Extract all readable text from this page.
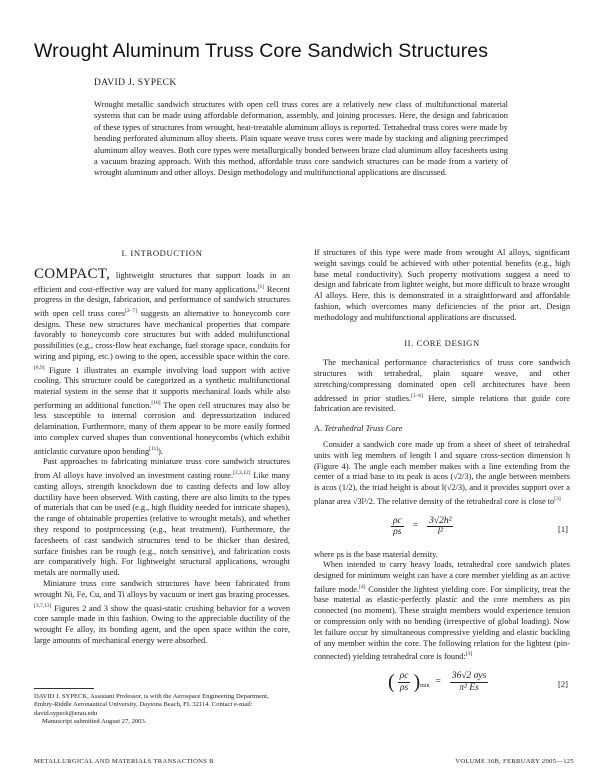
Wrought Aluminum Truss Core Sandwich Structures
DAVID J. SYPECK

Wrought metallic sandwich structures with open cell truss cores are a relatively new class of multifunctional material systems that can be made using affordable deformation, assembly, and joining processes. Here, the design and fabrication of these types of structures from wrought, heat-treatable aluminum alloys is reported. Tetrahedral truss cores were made by bending perforated aluminum alloy sheets. Plain square weave truss cores were made by stacking and aligning precrimped aluminum alloy weaves. Both core types were metallurgically bonded between braze clad aluminum alloy facesheets using a vacuum brazing approach. With this method, affordable truss core sandwich structures can be made from a variety of wrought aluminum and other alloys. Design methodology and multifunctional applications are discussed.

I. INTRODUCTION

COMPACT, lightweight structures that support loads in an efficient and cost-effective way are valued for many applications.[1] Recent progress in the design, fabrication, and performance of sandwich structures with open cell truss cores[2–7] suggests an alternative to honeycomb core designs. These new structures have mechanical properties that compare favorably to honeycomb core structures but with added multifunctional possibilities (e.g., cross-flow heat exchange, fuel storage space, conduits for wiring and piping, etc.) owing to the open, accessible space within the core.[8,9] Figure 1 illustrates an example involving load support with active cooling. This structure could be categorized as a synthetic multifunctional material system in the sense that it supports mechanical loads while also performing an additional function.[10] The open cell structures may also be less susceptible to internal corrosion and depressurization induced delamination. Furthermore, many of them appear to be more easily formed into complex curved shapes than conventional honeycombs (which exhibit anticlastic curvature upon bending[11]).

Past approaches to fabricating miniature truss core sandwich structures from Al alloys have involved an investment casting route.[2,3,12] Like many casting alloys, strength knockdown due to casting defects and low alloy ductility have been observed. With casting, there are also limits to the types of materials that can be used (e.g., high fluidity needed for intricate shapes), the range of obtainable properties (relative to wrought metals), and whether they respond to postprocessing (e.g., heat treatment). Furthermore, the facesheets of cast sandwich structures tend to be thicker than desired, surface finishes can be rough (e.g., notch sensitive), and fabrication costs are comparatively high. For lightweight structural applications, wrought metals are normally used.

Miniature truss core sandwich structures have been fabricated from wrought Ni, Fe, Cu, and Ti alloys by vacuum or inert gas brazing processes.[3,7,13] Figures 2 and 3 show the quasi-static crushing behavior for a woven core sample made in this fashion. Owing to the appreciable ductility of the wrought Fe alloy, its bonding agent, and the open space within the core, large amounts of mechanical energy were absorbed.

If structures of this type were made from wrought Al alloys, significant weight savings could be achieved with other potential benefits (e.g., high base metal conductivity). Such property motivations suggest a need to design and fabricate from lighter weight, but more difficult to braze wrought Al alloys. Here, this is demonstrated in a straightforward and affordable fashion, which overcomes many deficiencies of the prior art. Design methodology and multifunctional applications are discussed.

II. CORE DESIGN

The mechanical performance characteristics of truss core sandwich structures with tetrahedral, plain square weave, and other stretching/compressing dominated open cell architectures have been addressed in prior studies.[1–6] Here, simple relations that guide core fabrication are revisited.

A. Tetrahedral Truss Core

Consider a sandwich core made up from a sheet of sheet of tetrahedral units with leg members of length l and square cross-section dimension h (Figure 4). The angle each member makes with a line extending from the center of a triad base to its peak is acos (√2/3), the angle between members is acos (1/2), the triad height is about l(√2/3), and it provides support over a planar area √3l²/2. The relative density of the tetrahedral core is close to[3]

$\frac{\rho c}{\rho s} = \frac{\text{3√2h²}}{\text{l²}}$	[1]

where ρs is the base material density.

When intended to carry heavy loads, tetrahedral core sandwich plates designed for minimum weight can have a core member yielding as an active failure mode.[4] Consider the lightest yielding core. For simplicity, treat the base material as elastic-perfectly plastic and the core members as pin connected (no moment). These straight members would experience tension or compression only with no bending (irrespective of global loading). Now let failure occur by simultaneous compressive yielding and elastic buckling of any member within the core. The following relation for the lightest (pin-connected) yielding tetrahedral core is found:[3]

( ρc
ρs ) min =
36√2 σys
π² Es	[2]

DAVID J. SYPECK, Assistant Professor, is with the Aerospace Engineering Department, Embry-Riddle Aeronautical University, Daytona Beach, FL 32114. Contact e-mail: david.sypeck@erau.edu
Manuscript submitted August 27, 2003.

METALLURGICAL AND MATERIALS TRANSACTIONS B	VOLUME 36B, FEBRUARY 2005—125
